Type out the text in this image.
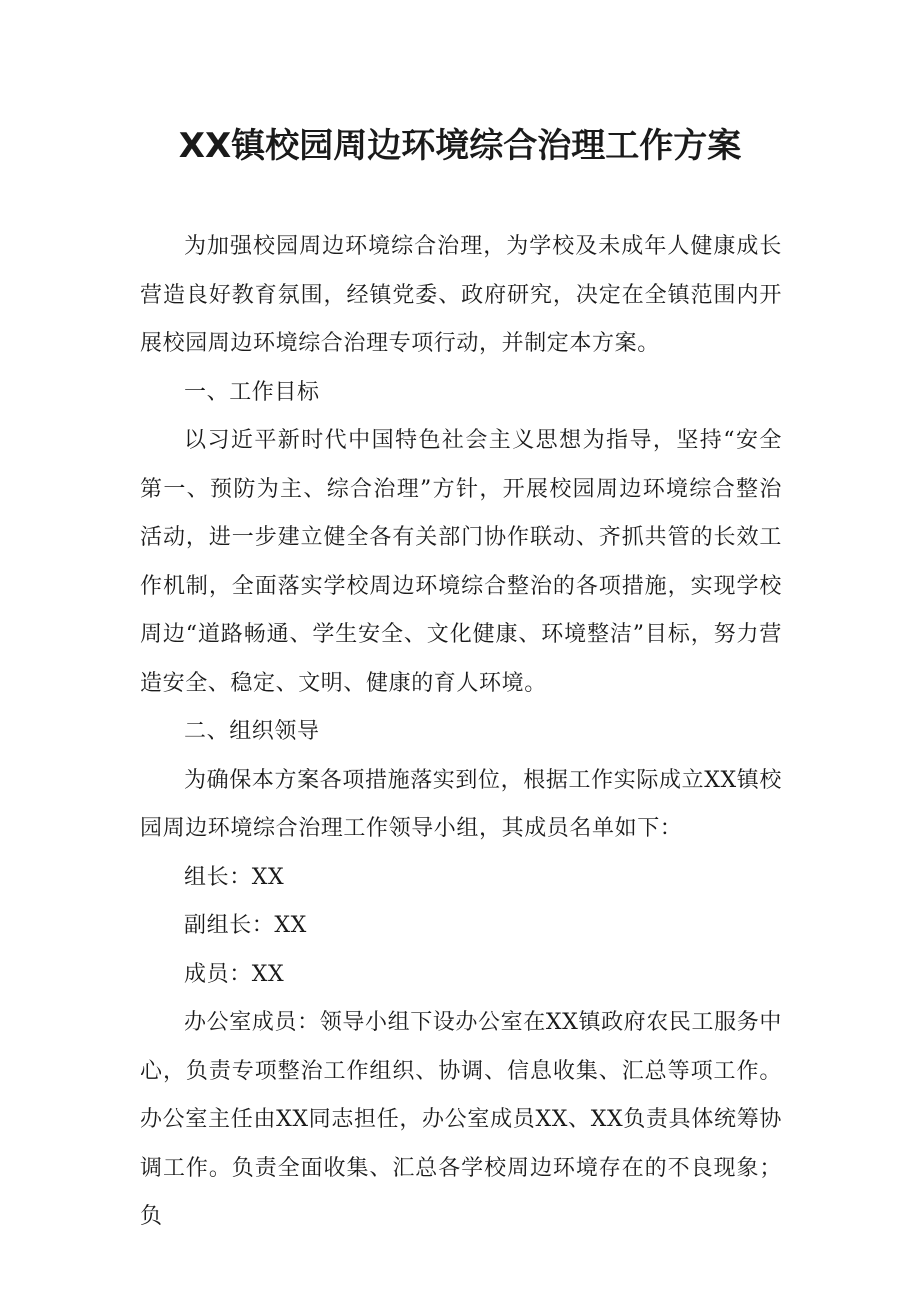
XX镇校园周边环境综合治理工作方案

为加强校园周边环境综合治理，为学校及未成年人健康成长营造良好教育氛围，经镇党委、政府研究，决定在全镇范围内开展校园周边环境综合治理专项行动，并制定本方案。

一、工作目标

以习近平新时代中国特色社会主义思想为指导，坚持“安全第一、预防为主、综合治理”方针，开展校园周边环境综合整治活动，进一步建立健全各有关部门协作联动、齐抓共管的长效工作机制，全面落实学校周边环境综合整治的各项措施，实现学校周边“道路畅通、学生安全、文化健康、环境整洁”目标，努力营造安全、稳定、文明、健康的育人环境。

二、组织领导

为确保本方案各项措施落实到位，根据工作实际成立XX镇校园周边环境综合治理工作领导小组，其成员名单如下：

组长：XX

副组长：XX

成员：XX

办公室成员：领导小组下设办公室在XX镇政府农民工服务中心，负责专项整治工作组织、协调、信息收集、汇总等项工作。办公室主任由XX同志担任，办公室成员XX、XX负责具体统筹协调工作。负责全面收集、汇总各学校周边环境存在的不良现象；负
